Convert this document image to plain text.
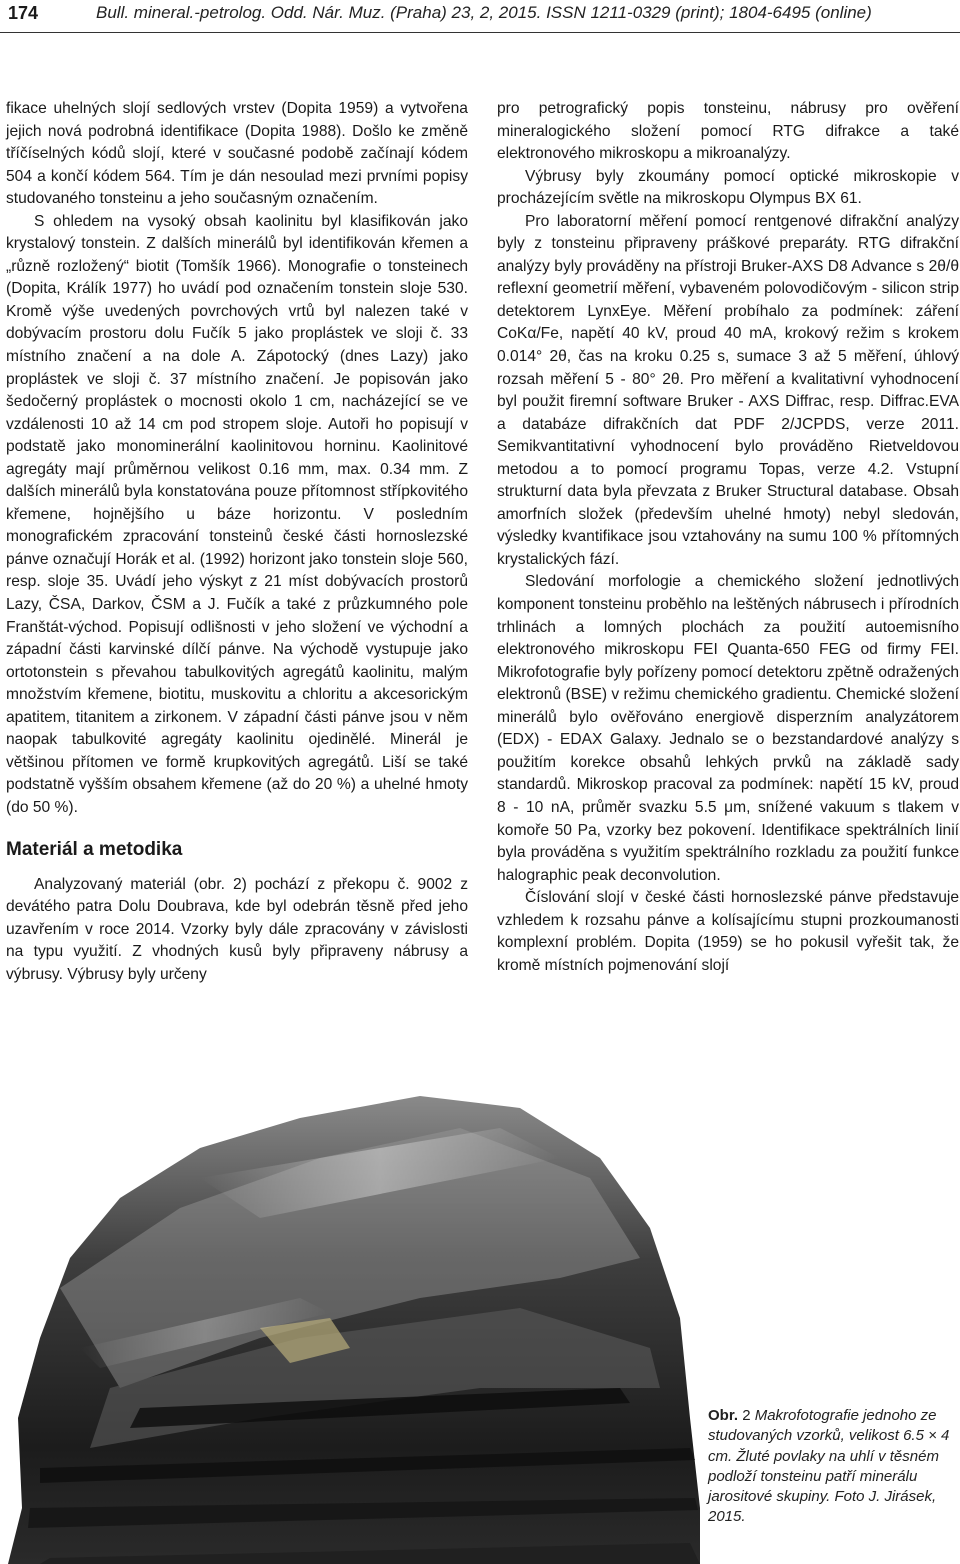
174	Bull. mineral.-petrolog. Odd. Nár. Muz. (Praha) 23, 2, 2015. ISSN 1211-0329 (print); 1804-6495 (online)

fikace uhelných slojí sedlových vrstev (Dopita 1959) a vytvořena jejich nová podrobná identifikace (Dopita 1988). Došlo ke změně tříčíselných kódů slojí, které v současné podobě začínají kódem 504 a končí kódem 564. Tím je dán nesoulad mezi prvními popisy studovaného tonsteinu a jeho současným označením.

S ohledem na vysoký obsah kaolinitu byl klasifikován jako krystalový tonstein. Z dalších minerálů byl identifikován křemen a „různě rozložený“ biotit (Tomšík 1966). Monografie o tonsteinech (Dopita, Králík 1977) ho uvádí pod označením tonstein sloje 530. Kromě výše uvedených povrchových vrtů byl nalezen také v dobývacím prostoru dolu Fučík 5 jako proplástek ve sloji č. 33 místního značení a na dole A. Zápotocký (dnes Lazy) jako proplástek ve sloji č. 37 místního značení. Je popisován jako šedočerný proplástek o mocnosti okolo 1 cm, nacházející se ve vzdálenosti 10 až 14 cm pod stropem sloje. Autoři ho popisují v podstatě jako monominerální kaolinitovou horninu. Kaolinitové agregáty mají průměrnou velikost 0.16 mm, max. 0.34 mm. Z dalších minerálů byla konstatována pouze přítomnost střípkovitého křemene, hojnějšího u báze horizontu. V posledním monografickém zpracování tonsteinů české části hornoslezské pánve označují Horák et al. (1992) horizont jako tonstein sloje 560, resp. sloje 35. Uvádí jeho výskyt z 21 míst dobývacích prostorů Lazy, ČSA, Darkov, ČSM a J. Fučík a také z průzkumného pole Franštát-východ. Popisují odlišnosti v jeho složení ve východní a západní části karvinské dílčí pánve. Na východě vystupuje jako ortotonstein s převahou tabulkovitých agregátů kaolinitu, malým množstvím křemene, biotitu, muskovitu a chloritu a akcesorickým apatitem, titanitem a zirkonem. V západní části pánve jsou v něm naopak tabulkovité agregáty kaolinitu ojedinělé. Minerál je většinou přítomen ve formě krupkovitých agregátů. Liší se také podstatně vyšším obsahem křemene (až do 20 %) a uhelné hmoty (do 50 %).

Materiál a metodika

Analyzovaný materiál (obr. 2) pochází z překopu č. 9002 z devátého patra Dolu Doubrava, kde byl odebrán těsně před jeho uzavřením v roce 2014. Vzorky byly dále zpracovány v závislosti na typu využití. Z vhodných kusů byly připraveny nábrusy a výbrusy. Výbrusy byly určeny

pro petrografický popis tonsteinu, nábrusy pro ověření mineralogického složení pomocí RTG difrakce a také elektronového mikroskopu a mikroanalýzy.

Výbrusy byly zkoumány pomocí optické mikroskopie v procházejícím světle na mikroskopu Olympus BX 61.

Pro laboratorní měření pomocí rentgenové difrakční analýzy byly z tonsteinu připraveny práškové preparáty. RTG difrakční analýzy byly prováděny na přístroji Bruker-AXS D8 Advance s 2θ/θ reflexní geometrií měření, vybaveném polovodičovým - silicon strip detektorem LynxEye. Měření probíhalo za podmínek: záření CoKα/Fe, napětí 40 kV, proud 40 mA, krokový režim s krokem 0.014° 2θ, čas na kroku 0.25 s, sumace 3 až 5 měření, úhlový rozsah měření 5 - 80° 2θ. Pro měření a kvalitativní vyhodnocení byl použit firemní software Bruker - AXS Diffrac, resp. Diffrac.EVA a databáze difrakčních dat PDF 2/JCPDS, verze 2011. Semikvantitativní vyhodnocení bylo prováděno Rietveldovou metodou a to pomocí programu Topas, verze 4.2. Vstupní strukturní data byla převzata z Bruker Structural database. Obsah amorfních složek (především uhelné hmoty) nebyl sledován, výsledky kvantifikace jsou vztahovány na sumu 100 % přítomných krystalických fází.

Sledování morfologie a chemického složení jednotlivých komponent tonsteinu proběhlo na leštěných nábrusech i přírodních trhlinách a lomných plochách za použití autoemisního elektronového mikroskopu FEI Quanta-650 FEG od firmy FEI. Mikrofotografie byly pořízeny pomocí detektoru zpětně odražených elektronů (BSE) v režimu chemického gradientu. Chemické složení minerálů bylo ověřováno energiově disperzním analyzátorem (EDX) - EDAX Galaxy. Jednalo se o bezstandardové analýzy s použitím korekce obsahů lehkých prvků na základě sady standardů. Mikroskop pracoval za podmínek: napětí 15 kV, proud 8 - 10 nA, průměr svazku 5.5 μm, snížené vakuum s tlakem v komoře 50 Pa, vzorky bez pokovení. Identifikace spektrálních linií byla prováděna s využitím spektrálního rozkladu za použití funkce halographic peak deconvolution.

Číslování slojí v české části hornoslezské pánve představuje vzhledem k rozsahu pánve a kolísajícímu stupni prozkoumanosti komplexní problém. Dopita (1959) se ho pokusil vyřešit tak, že kromě místních pojmenování slojí

Obr. 2 Makrofotografie jednoho ze studovaných vzorků, velikost 6.5 × 4 cm. Žluté povlaky na uhlí v těsném podloží tonsteinu patří minerálu jarositové skupiny. Foto J. Jirásek, 2015.
